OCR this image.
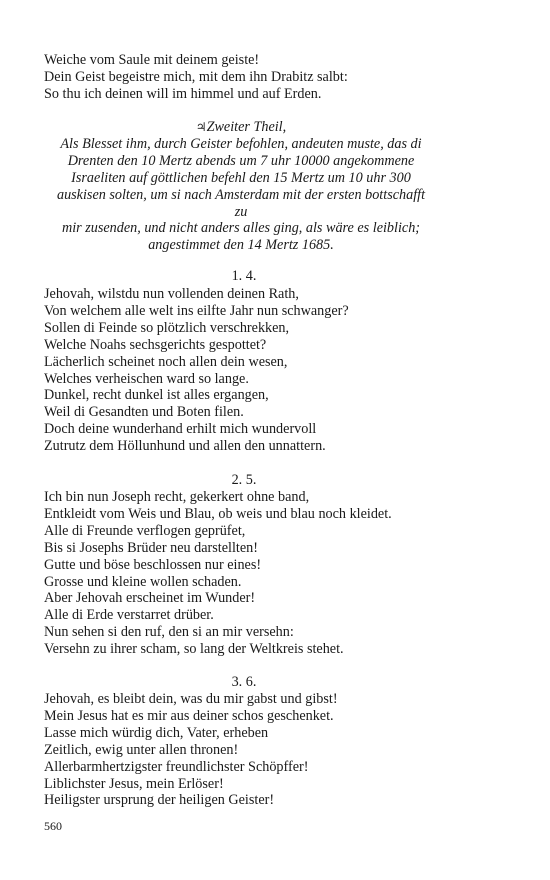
Weiche vom Saule mit deinem geiste!
Dein Geist begeistre mich, mit dem ihn Drabitz salbt:
So thu ich deinen will im himmel und auf Erden.
♃Zweiter Theil,
Als Blesset ihm, durch Geister befohlen, andeuten muste, das di
Drenten den 10 Mertz abends um 7 uhr 10000 angekommene
Israeliten auf göttlichen befehl den 15 Mertz um 10 uhr 300
auskisen solten, um si nach Amsterdam mit der ersten bottschafft
zu
mir zusenden, und nicht anders alles ging, als wäre es leiblich;
angestimmet den 14 Mertz 1685.
1. 4.
Jehovah, wilstdu nun vollenden deinen Rath,
Von welchem alle welt ins eilfte Jahr nun schwanger?
Sollen di Feinde so plötzlich verschrekken,
Welche Noahs sechsgerichts gespottet?
Lächerlich scheinet noch allen dein wesen,
Welches verheischen ward so lange.
Dunkel, recht dunkel ist alles ergangen,
Weil di Gesandten und Boten filen.
Doch deine wunderhand erhilt mich wundervoll
Zutrutz dem Höllunhund und allen den unnattern.
2. 5.
Ich bin nun Joseph recht, gekerkert ohne band,
Entkleidt vom Weis und Blau, ob weis und blau noch kleidet.
Alle di Freunde verflogen geprüfet,
Bis si Josephs Brüder neu darstellten!
Gutte und böse beschlossen nur eines!
Grosse und kleine wollen schaden.
Aber Jehovah erscheinet im Wunder!
Alle di Erde verstarret drüber.
Nun sehen si den ruf, den si an mir versehn:
Versehn zu ihrer scham, so lang der Weltkreis stehet.
3. 6.
Jehovah, es bleibt dein, was du mir gabst und gibst!
Mein Jesus hat es mir aus deiner schos geschenket.
Lasse mich würdig dich, Vater, erheben
Zeitlich, ewig unter allen thronen!
Allerbarmhertzigster freundlichster Schöpffer!
Liblichster Jesus, mein Erlöser!
Heiligster ursprung der heiligen Geister!
560
